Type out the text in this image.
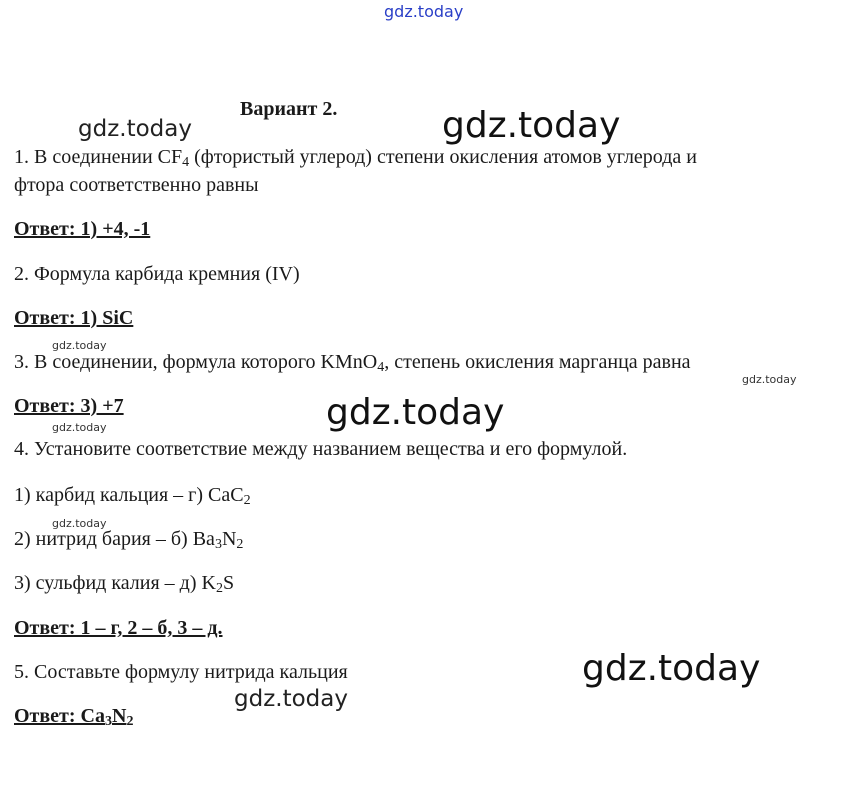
gdz.today
gdz.today	gdz.today
gdz.today
gdz.today
gdz.today
gdz.today
gdz.today
gdz.today
gdz.today
Вариант 2.
1. В соединении $CF_4$ (фтористый углерод) степени окисления атомов углерода и
фтора соответственно равны
Ответ: 1) +4, -1
2. Формула карбида кремния (IV)
Ответ: 1) SiC
3. В соединении, формула которого KMnO$_4$, степень окисления марганца равна
Ответ: 3) +7
4. Установите соответствие между названием вещества и его формулой.
1) карбид кальция – г) CaC$_2$
2) нитрид бария – б) $Ba_3N_2$
3) сульфид калия – д) $K_2S$
Ответ: 1 – г, 2 – б, 3 – д.
5. Составьте формулу нитрида кальция
Ответ: $Ca_3N_2$
